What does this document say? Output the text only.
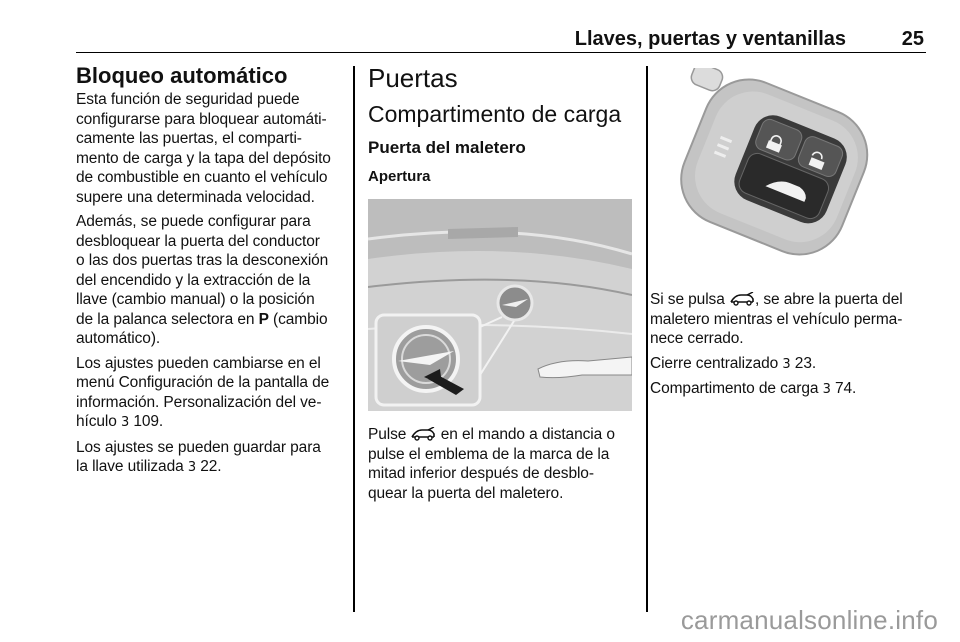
Llaves, puertas y ventanillas	25
Bloqueo automático
Esta función de seguridad puede
configurarse para bloquear automáti-
camente las puertas, el comparti-
mento de carga y la tapa del depósito
de combustible en cuanto el vehículo
supere una determinada velocidad.
Además, se puede configurar para
desbloquear la puerta del conductor
o las dos puertas tras la desconexión
del encendido y la extracción de la
llave (cambio manual) o la posición
de la palanca selectora en P (cambio
automático).
Los ajustes pueden cambiarse en el
menú Configuración de la pantalla de
información. Personalización del ve-
hículo 3 109.
Los ajustes se pueden guardar para
la llave utilizada 3 22.
Puertas
Compartimento de carga
Puerta del maletero
Apertura
Pulse  en el mando a distancia o
pulse el emblema de la marca de la
mitad inferior después de desblo-
quear la puerta del maletero.
Si se pulsa , se abre la puerta del
maletero mientras el vehículo perma-
nece cerrado.
Cierre centralizado 3 23.
Compartimento de carga 3 74.
carmanualsonline.info
